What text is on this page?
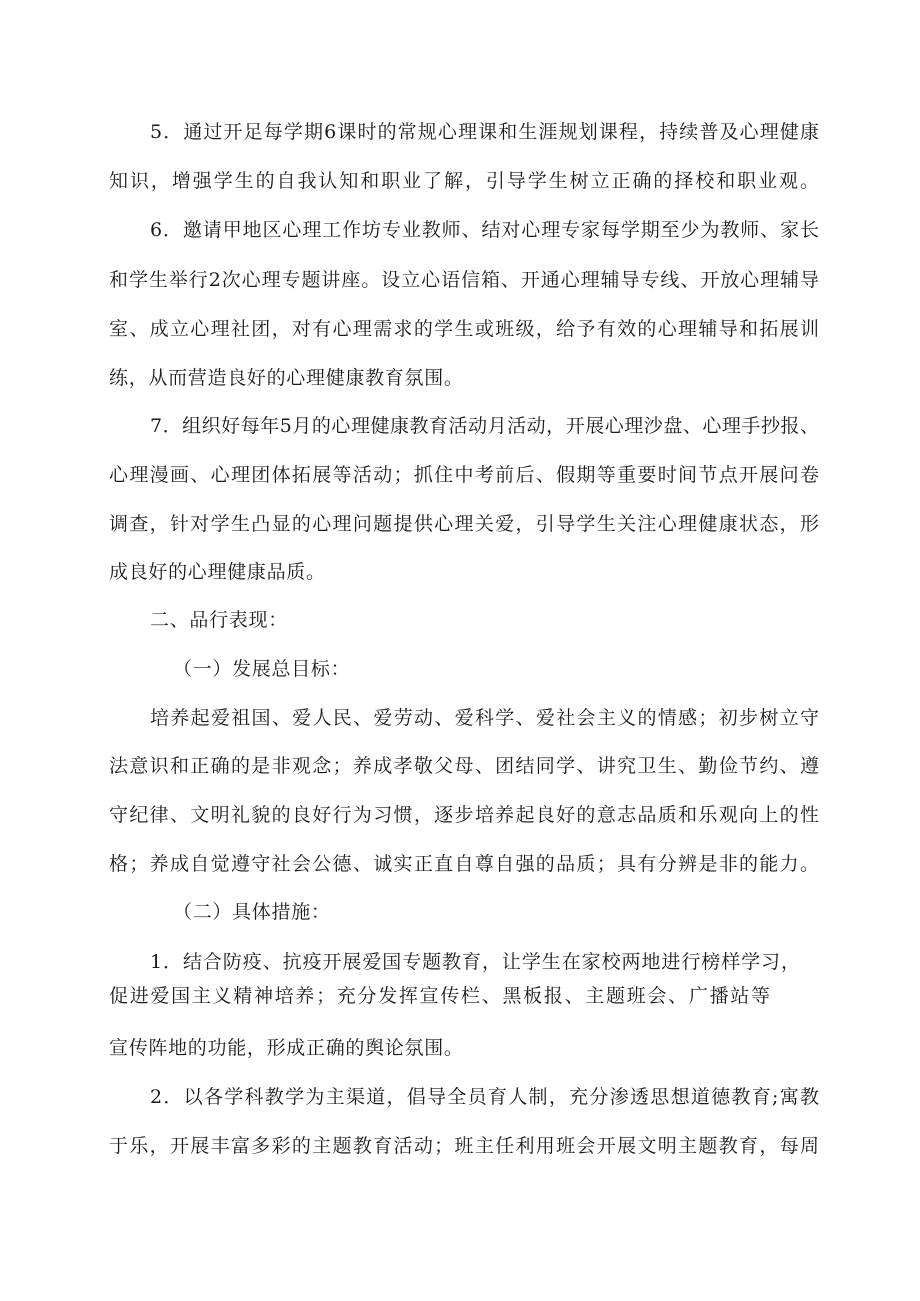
5．通过开足每学期6课时的常规心理课和生涯规划课程，持续普及心理健康
知识，增强学生的自我认知和职业了解，引导学生树立正确的择校和职业观。
6．邀请甲地区心理工作坊专业教师、结对心理专家每学期至少为教师、家长
和学生举行2次心理专题讲座。设立心语信箱、开通心理辅导专线、开放心理辅导
室、成立心理社团，对有心理需求的学生或班级，给予有效的心理辅导和拓展训
练，从而营造良好的心理健康教育氛围。
7．组织好每年5月的心理健康教育活动月活动，开展心理沙盘、心理手抄报、
心理漫画、心理团体拓展等活动；抓住中考前后、假期等重要时间节点开展问卷
调查，针对学生凸显的心理问题提供心理关爱，引导学生关注心理健康状态，形
成良好的心理健康品质。
二、品行表现：
（一）发展总目标：
培养起爱祖国、爱人民、爱劳动、爱科学、爱社会主义的情感；初步树立守
法意识和正确的是非观念；养成孝敬父母、团结同学、讲究卫生、勤俭节约、遵
守纪律、文明礼貌的良好行为习惯，逐步培养起良好的意志品质和乐观向上的性
格；养成自觉遵守社会公德、诚实正直自尊自强的品质；具有分辨是非的能力。
（二）具体措施：
1．结合防疫、抗疫开展爱国专题教育，让学生在家校两地进行榜样学习，
促进爱国主义精神培养；充分发挥宣传栏、黑板报、主题班会、广播站等
宣传阵地的功能，形成正确的舆论氛围。
2．以各学科教学为主渠道，倡导全员育人制，充分渗透思想道德教育;寓教
于乐，开展丰富多彩的主题教育活动；班主任利用班会开展文明主题教育，每周
